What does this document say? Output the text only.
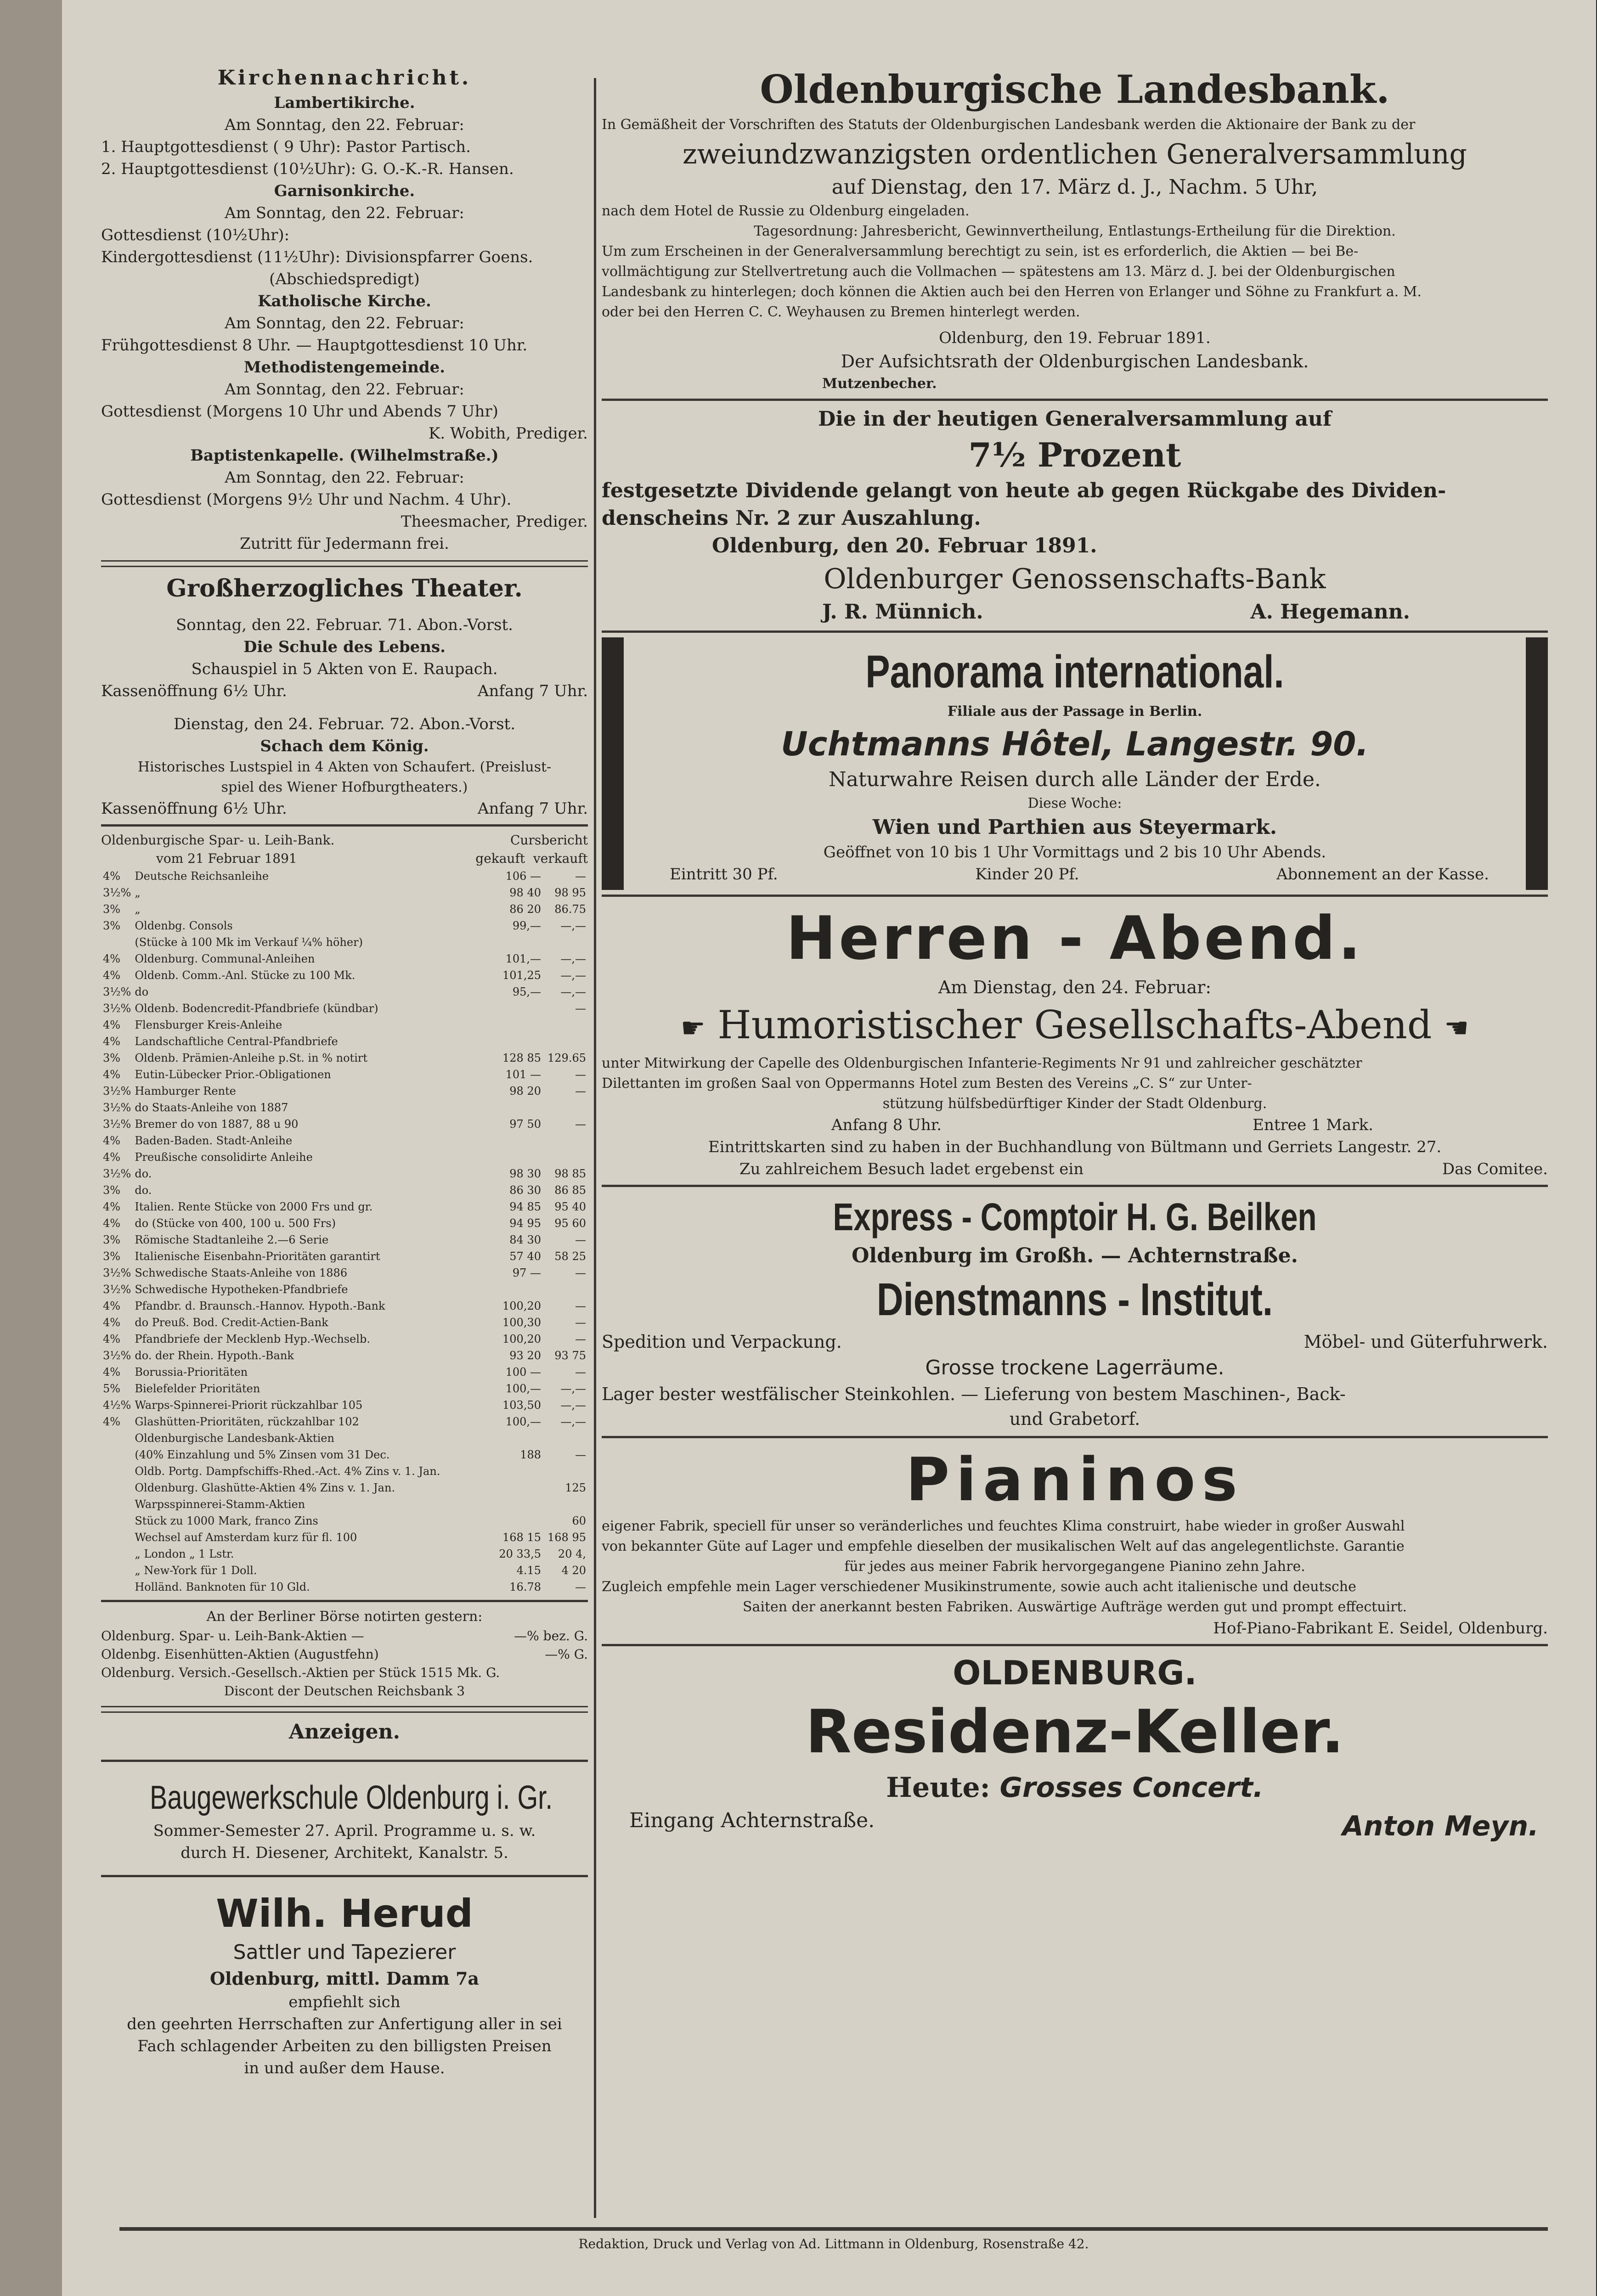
Kirchennachricht.
Lambertikirche.
Am Sonntag, den 22. Februar:
1. Hauptgottesdienst ( 9 Uhr): Pastor Partisch.
2. Hauptgottesdienst (10½Uhr): G. O.-K.-R. Hansen.
Garnisonkirche.
Am Sonntag, den 22. Februar:
Gottesdienst (10½Uhr):
Kindergottesdienst (11½Uhr): Divisionspfarrer Goens.
(Abschiedspredigt)
Katholische Kirche.
Am Sonntag, den 22. Februar:
Frühgottesdienst 8 Uhr. — Hauptgottesdienst 10 Uhr.
Methodistengemeinde.
Am Sonntag, den 22. Februar:
Gottesdienst (Morgens 10 Uhr und Abends 7 Uhr)
K. Wobith, Prediger.
Baptistenkapelle. (Wilhelmstraße.)
Am Sonntag, den 22. Februar:
Gottesdienst (Morgens 9½ Uhr und Nachm. 4 Uhr).
Theesmacher, Prediger.
Zutritt für Jedermann frei.
Großherzogliches Theater.
Sonntag, den 22. Februar. 71. Abon.-Vorst.
Die Schule des Lebens.
Schauspiel in 5 Akten von E. Raupach.
Kassenöffnung 6½ Uhr.	Anfang 7 Uhr.
Dienstag, den 24. Februar. 72. Abon.-Vorst.
Schach dem König.
Historisches Lustspiel in 4 Akten von Schaufert. (Preislust-
spiel des Wiener Hofburgtheaters.)
Kassenöffnung 6½ Uhr.	Anfang 7 Uhr.
Oldenburgische Spar- u. Leih-Bank.	Cursbericht
vom 21 Februar 1891	gekauft verkauft
4%	Deutsche Reichsanleihe	106 —	—
3½%	„	98 40	98 95
3%	„	86 20	86.75
3%	Oldenbg. Consols	99,—	—,—
	(Stücke à 100 Mk im Verkauf ¼% höher)		
4%	Oldenburg. Communal-Anleihen	101,—	—,—
4%	Oldenb. Comm.-Anl. Stücke zu 100 Mk.	101,25	—,—
3½%	do	95,—	—,—
3½%	Oldenb. Bodencredit-Pfandbriefe (kündbar)		—
4%	Flensburger Kreis-Anleihe		
4%	Landschaftliche Central-Pfandbriefe		
3%	Oldenb. Prämien-Anleihe p.St. in % notirt	128 85	129.65
4%	Eutin-Lübecker Prior.-Obligationen	101 —	—
3½%	Hamburger Rente	98 20	—
3½%	do Staats-Anleihe von 1887		
3½%	Bremer do von 1887, 88 u 90	97 50	—
4%	Baden-Baden. Stadt-Anleihe		
4%	Preußische consolidirte Anleihe		
3½%	do.	98 30	98 85
3%	do.	86 30	86 85
4%	Italien. Rente Stücke von 2000 Frs und gr.	94 85	95 40
4%	do (Stücke von 400, 100 u. 500 Frs)	94 95	95 60
3%	Römische Stadtanleihe 2.—6 Serie	84 30	—
3%	Italienische Eisenbahn-Prioritäten garantirt	57 40	58 25
3½%	Schwedische Staats-Anleihe von 1886	97 —	—
3½%	Schwedische Hypotheken-Pfandbriefe		
4%	Pfandbr. d. Braunsch.-Hannov. Hypoth.-Bank	100,20	—
4%	do Preuß. Bod. Credit-Actien-Bank	100,30	—
4%	Pfandbriefe der Mecklenb Hyp.-Wechselb.	100,20	—
3½%	do. der Rhein. Hypoth.-Bank	93 20	93 75
4%	Borussia-Prioritäten	100 —	—
5%	Bielefelder Prioritäten	100,—	—,—
4½%	Warps-Spinnerei-Priorit rückzahlbar 105	103,50	—,—
4%	Glashütten-Prioritäten, rückzahlbar 102	100,—	—,—
	Oldenburgische Landesbank-Aktien		
	(40% Einzahlung und 5% Zinsen vom 31 Dec.	188	—
	Oldb. Portg. Dampfschiffs-Rhed.-Act. 4% Zins v. 1. Jan.		
	Oldenburg. Glashütte-Aktien 4% Zins v. 1. Jan.		125
	Warpsspinnerei-Stamm-Aktien		
	Stück zu 1000 Mark, franco Zins		60
	Wechsel auf Amsterdam kurz für fl. 100	168 15	168 95
	„ London „ 1 Lstr.	20 33,5	20 4,
	„ New-York für 1 Doll.	4.15	4 20
	Holländ. Banknoten für 10 Gld.	16.78	—
An der Berliner Börse notirten gestern:
Oldenburg. Spar- u. Leih-Bank-Aktien —	—% bez. G.
Oldenbg. Eisenhütten-Aktien (Augustfehn)	—% G.
Oldenburg. Versich.-Gesellsch.-Aktien per Stück 1515 Mk. G.
Discont der Deutschen Reichsbank 3
Anzeigen.
Baugewerkschule Oldenburg i. Gr.
Sommer-Semester 27. April. Programme u. s. w.
durch H. Diesener, Architekt, Kanalstr. 5.
Wilh. Herud
Sattler und Tapezierer
Oldenburg, mittl. Damm 7a
empfiehlt sich
den geehrten Herrschaften zur Anfertigung aller in sei
Fach schlagender Arbeiten zu den billigsten Preisen
in und außer dem Hause.
Oldenburgische Landesbank.
In Gemäßheit der Vorschriften des Statuts der Oldenburgischen Landesbank werden die Aktionaire der Bank zu der
zweiundzwanzigsten ordentlichen Generalversammlung
auf Dienstag, den 17. März d. J., Nachm. 5 Uhr,
nach dem Hotel de Russie zu Oldenburg eingeladen.
Tagesordnung: Jahresbericht, Gewinnvertheilung, Entlastungs-Ertheilung für die Direktion.
Um zum Erscheinen in der Generalversammlung berechtigt zu sein, ist es erforderlich, die Aktien — bei Be-
vollmächtigung zur Stellvertretung auch die Vollmachen — spätestens am 13. März d. J. bei der Oldenburgischen
Landesbank zu hinterlegen; doch können die Aktien auch bei den Herren von Erlanger und Söhne zu Frankfurt a. M.
oder bei den Herren C. C. Weyhausen zu Bremen hinterlegt werden.
Oldenburg, den 19. Februar 1891.
Der Aufsichtsrath der Oldenburgischen Landesbank.
Mutzenbecher.
Die in der heutigen Generalversammlung auf
7½ Prozent
festgesetzte Dividende gelangt von heute ab gegen Rückgabe des Dividen-
denscheins Nr. 2 zur Auszahlung.
Oldenburg, den 20. Februar 1891.
Oldenburger Genossenschafts-Bank
J. R. Münnich.	A. Hegemann.
Panorama international.
Filiale aus der Passage in Berlin.
Uchtmanns Hôtel, Langestr. 90.
Naturwahre Reisen durch alle Länder der Erde.
Diese Woche:
Wien und Parthien aus Steyermark.
Geöffnet von 10 bis 1 Uhr Vormittags und 2 bis 10 Uhr Abends.
Eintritt 30 Pf.	Kinder 20 Pf.	Abonnement an der Kasse.
Herren - Abend.
Am Dienstag, den 24. Februar:
☛ Humoristischer Gesellschafts-Abend ☚
unter Mitwirkung der Capelle des Oldenburgischen Infanterie-Regiments Nr 91 und zahlreicher geschätzter
Dilettanten im großen Saal von Oppermanns Hotel zum Besten des Vereins „C. S“ zur Unter-
stützung hülfsbedürftiger Kinder der Stadt Oldenburg.
Anfang 8 Uhr.	Entree 1 Mark.
Eintrittskarten sind zu haben in der Buchhandlung von Bültmann und Gerriets Langestr. 27.
Zu zahlreichem Besuch ladet ergebenst ein	Das Comitee.
Express - Comptoir H. G. Beilken
Oldenburg im Großh. — Achternstraße.
Dienstmanns - Institut.
Spedition und Verpackung.	Möbel- und Güterfuhrwerk.
Grosse trockene Lagerräume.
Lager bester westfälischer Steinkohlen. — Lieferung von bestem Maschinen-, Back-
und Grabetorf.
Pianinos
eigener Fabrik, speciell für unser so veränderliches und feuchtes Klima construirt, habe wieder in großer Auswahl
von bekannter Güte auf Lager und empfehle dieselben der musikalischen Welt auf das angelegentlichste. Garantie
für jedes aus meiner Fabrik hervorgegangene Pianino zehn Jahre.
Zugleich empfehle mein Lager verschiedener Musikinstrumente, sowie auch acht italienische und deutsche
Saiten der anerkannt besten Fabriken. Auswärtige Aufträge werden gut und prompt effectuirt.
Hof-Piano-Fabrikant E. Seidel, Oldenburg.
OLDENBURG.
Residenz-Keller.
Heute: Grosses Concert.
Eingang Achternstraße.	Anton Meyn.
Redaktion, Druck und Verlag von Ad. Littmann in Oldenburg, Rosenstraße 42.
